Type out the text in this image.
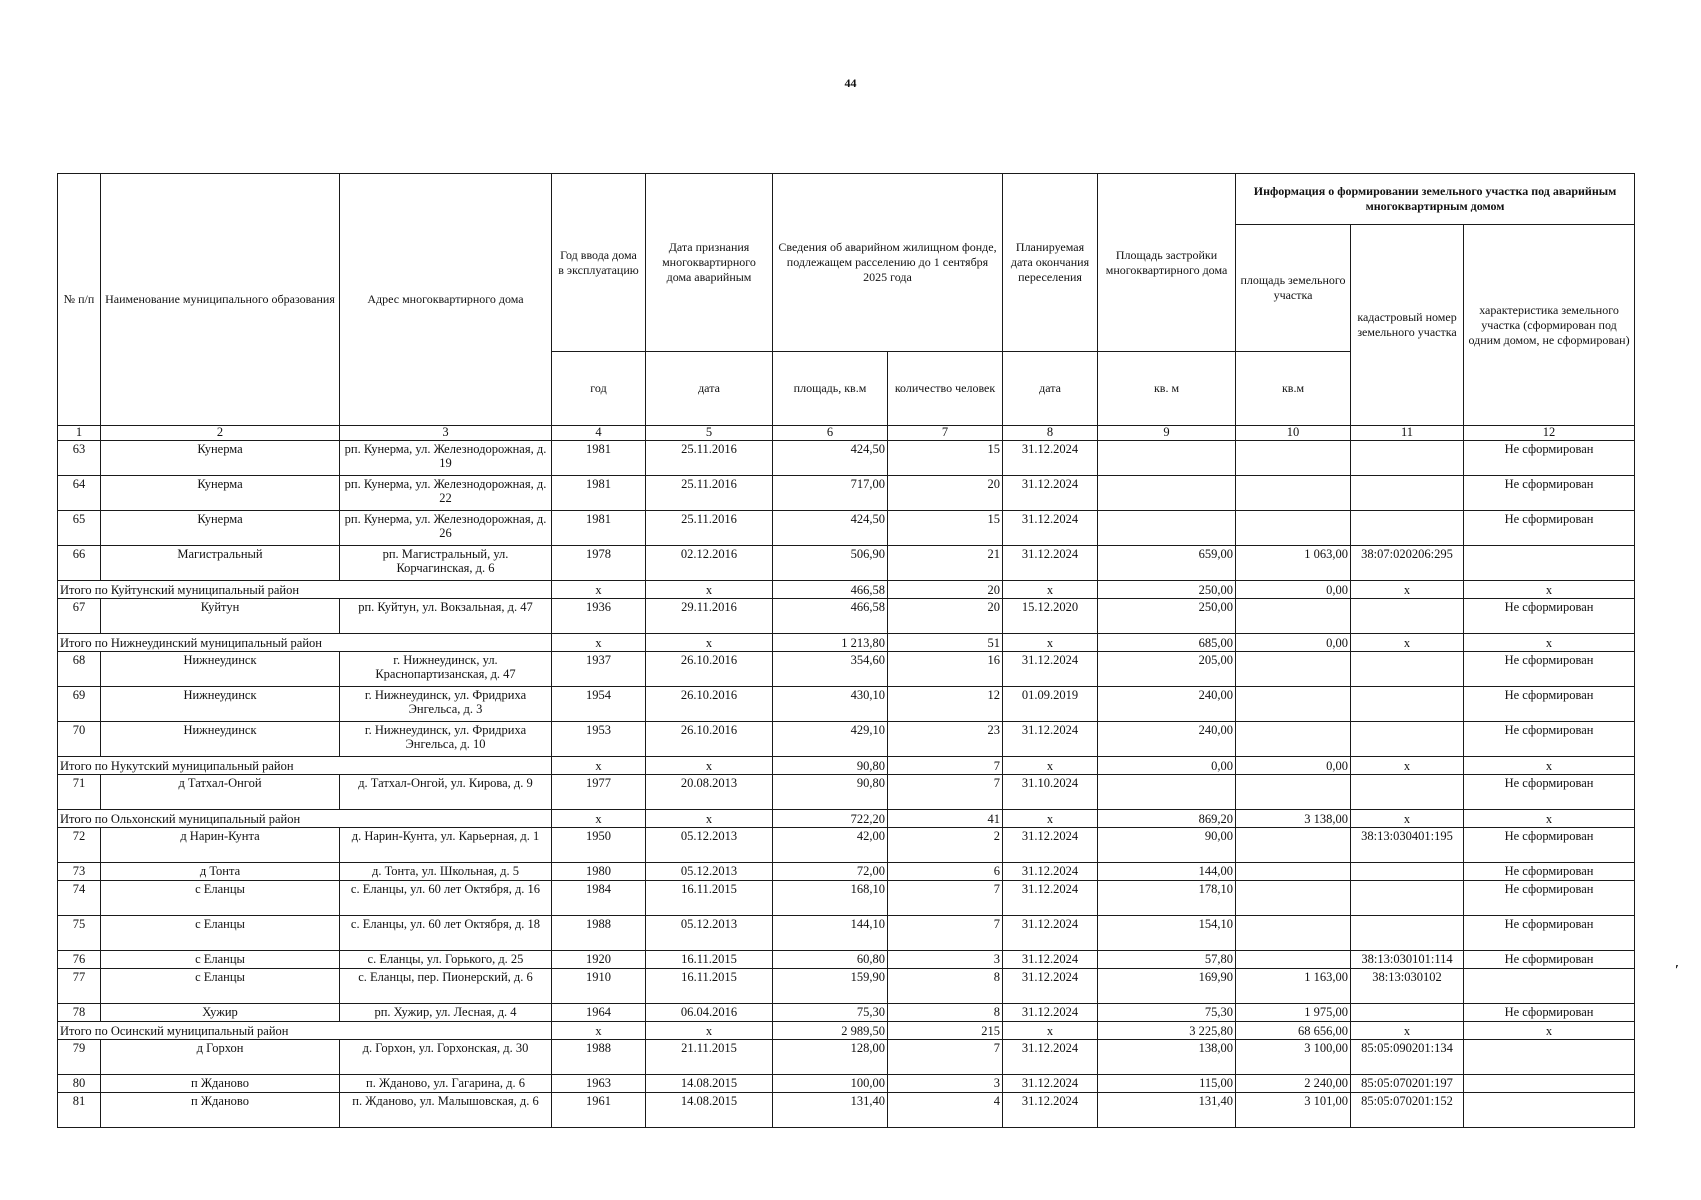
44
№ п/п	Наименование муниципального образования	Адрес многоквартирного дома	Год ввода дома в эксплуатацию	Дата признания многоквартирного дома аварийным	Сведения об аварийном жилищном фонде, подлежащем расселению до 1 сентября 2025 года		Планируемая дата окончания переселения	Площадь застройки многоквартирного дома	Информация о формировании земельного участка под аварийным многоквартирным домом		
									площадь земельного участка	кадастровый номер земельного участка	характеристика земельного участка (сформирован под одним домом, не сформирован)
			год	дата	площадь, кв.м	количество человек	дата	кв. м	кв.м		
1	2	3	4	5	6	7	8	9	10	11	12
63	Кунерма	рп. Кунерма, ул. Железнодорожная, д. 19	1981	25.11.2016	424,50	15	31.12.2024				Не сформирован
64	Кунерма	рп. Кунерма, ул. Железнодорожная, д. 22	1981	25.11.2016	717,00	20	31.12.2024				Не сформирован
65	Кунерма	рп. Кунерма, ул. Железнодорожная, д. 26	1981	25.11.2016	424,50	15	31.12.2024				Не сформирован
66	Магистральный	рп. Магистральный, ул. Корчагинская, д. 6	1978	02.12.2016	506,90	21	31.12.2024	659,00	1 063,00	38:07:020206:295	
Итого по Куйтунский муниципальный район			х	х	466,58	20	х	250,00	0,00	х	х
67	Куйтун	рп. Куйтун, ул. Вокзальная, д. 47	1936	29.11.2016	466,58	20	15.12.2020	250,00			Не сформирован
Итого по Нижнеудинский муниципальный район			х	х	1 213,80	51	х	685,00	0,00	х	х
68	Нижнеудинск	г. Нижнеудинск, ул. Краснопартизанская, д. 47	1937	26.10.2016	354,60	16	31.12.2024	205,00			Не сформирован
69	Нижнеудинск	г. Нижнеудинск, ул. Фридриха Энгельса, д. 3	1954	26.10.2016	430,10	12	01.09.2019	240,00			Не сформирован
70	Нижнеудинск	г. Нижнеудинск, ул. Фридриха Энгельса, д. 10	1953	26.10.2016	429,10	23	31.12.2024	240,00			Не сформирован
Итого по Нукутский муниципальный район			х	х	90,80	7	х	0,00	0,00	х	х
71	д Татхал-Онгой	д. Татхал-Онгой, ул. Кирова, д. 9	1977	20.08.2013	90,80	7	31.10.2024				Не сформирован
Итого по Ольхонский муниципальный район			х	х	722,20	41	х	869,20	3 138,00	х	х
72	д Нарин-Кунта	д. Нарин-Кунта, ул. Карьерная, д. 1	1950	05.12.2013	42,00	2	31.12.2024	90,00		38:13:030401:195	Не сформирован
73	д Тонта	д. Тонта, ул. Школьная, д. 5	1980	05.12.2013	72,00	6	31.12.2024	144,00			Не сформирован
74	с Еланцы	с. Еланцы, ул. 60 лет Октября, д. 16	1984	16.11.2015	168,10	7	31.12.2024	178,10			Не сформирован
75	с Еланцы	с. Еланцы, ул. 60 лет Октября, д. 18	1988	05.12.2013	144,10	7	31.12.2024	154,10			Не сформирован
76	с Еланцы	с. Еланцы, ул. Горького, д. 25	1920	16.11.2015	60,80	3	31.12.2024	57,80		38:13:030101:114	Не сформирован
77	с Еланцы	с. Еланцы, пер. Пионерский, д. 6	1910	16.11.2015	159,90	8	31.12.2024	169,90	1 163,00	38:13:030102	
78	Хужир	рп. Хужир, ул. Лесная, д. 4	1964	06.04.2016	75,30	8	31.12.2024	75,30	1 975,00		Не сформирован
Итого по Осинский муниципальный район			х	х	2 989,50	215	х	3 225,80	68 656,00	х	х
79	д Горхон	д. Горхон, ул. Горхонская, д. 30	1988	21.11.2015	128,00	7	31.12.2024	138,00	3 100,00	85:05:090201:134	
80	п Жданово	п. Жданово, ул. Гагарина, д. 6	1963	14.08.2015	100,00	3	31.12.2024	115,00	2 240,00	85:05:070201:197	
81	п Жданово	п. Жданово, ул. Малышовская, д. 6	1961	14.08.2015	131,40	4	31.12.2024	131,40	3 101,00	85:05:070201:152	
′
